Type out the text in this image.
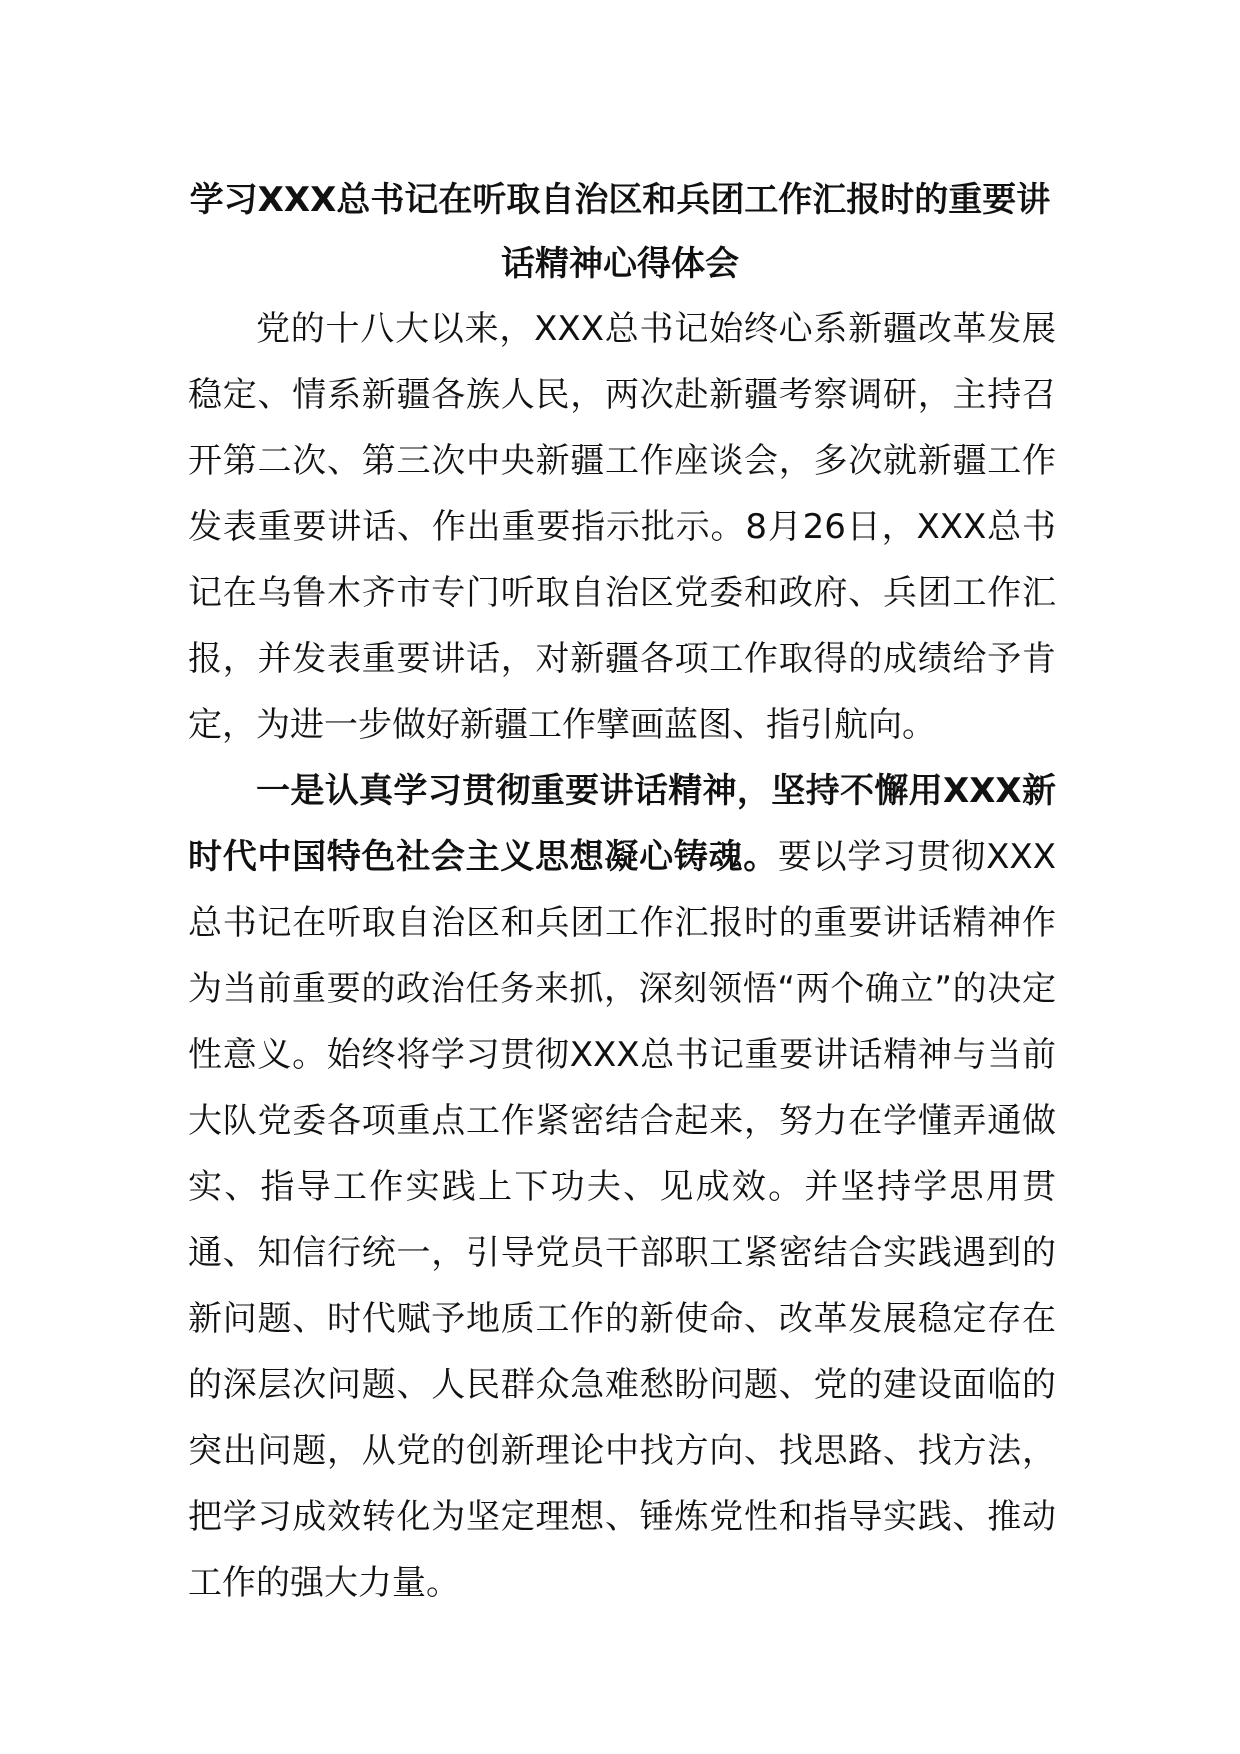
学习XXX总书记在听取自治区和兵团工作汇报时的重要讲话精神心得体会

党的十八大以来，XXX总书记始终心系新疆改革发展稳定、情系新疆各族人民，两次赴新疆考察调研，主持召开第二次、第三次中央新疆工作座谈会，多次就新疆工作发表重要讲话、作出重要指示批示。8月26日，XXX总书记在乌鲁木齐市专门听取自治区党委和政府、兵团工作汇报，并发表重要讲话，对新疆各项工作取得的成绩给予肯定，为进一步做好新疆工作擘画蓝图、指引航向。

一是认真学习贯彻重要讲话精神，坚持不懈用XXX新时代中国特色社会主义思想凝心铸魂。要以学习贯彻XXX总书记在听取自治区和兵团工作汇报时的重要讲话精神作为当前重要的政治任务来抓，深刻领悟“两个确立”的决定性意义。始终将学习贯彻XXX总书记重要讲话精神与当前大队党委各项重点工作紧密结合起来，努力在学懂弄通做实、指导工作实践上下功夫、见成效。并坚持学思用贯通、知信行统一，引导党员干部职工紧密结合实践遇到的新问题、时代赋予地质工作的新使命、改革发展稳定存在的深层次问题、人民群众急难愁盼问题、党的建设面临的突出问题，从党的创新理论中找方向、找思路、找方法，把学习成效转化为坚定理想、锤炼党性和指导实践、推动工作的强大力量。
